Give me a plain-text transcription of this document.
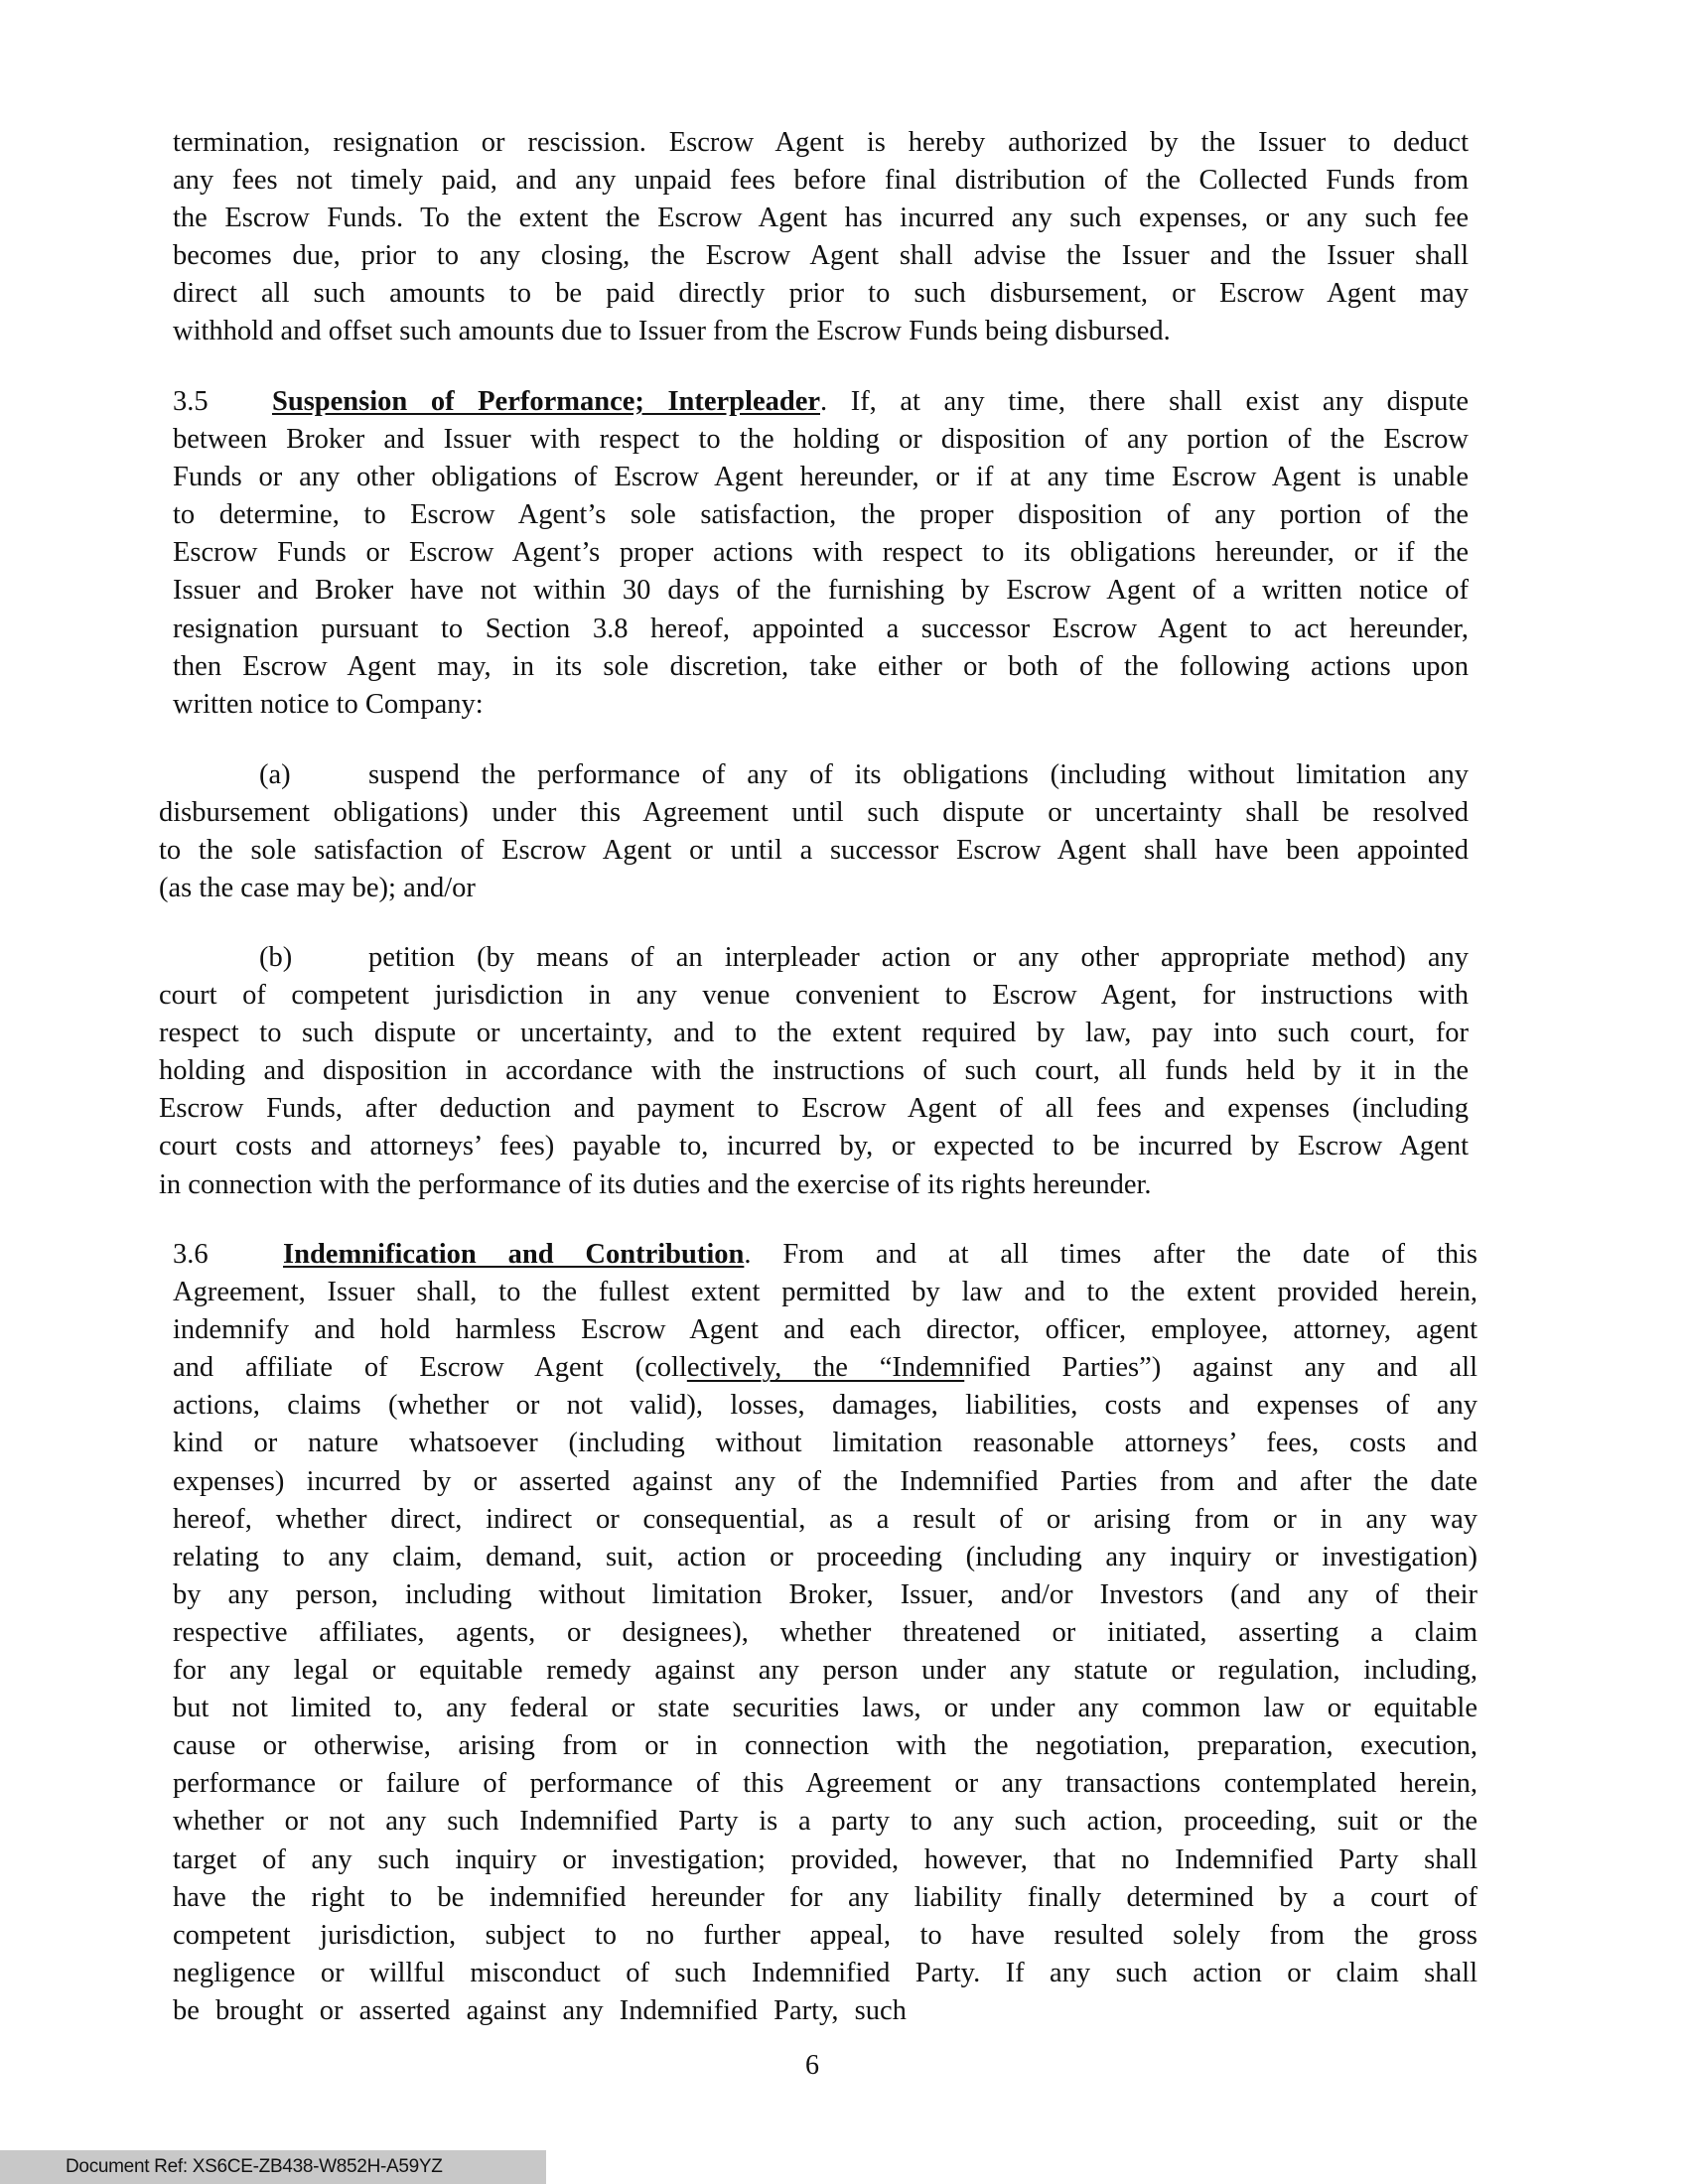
termination, resignation or rescission. Escrow Agent is hereby authorized by the Issuer to deduct
any fees not timely paid, and any unpaid fees before final distribution of the Collected Funds from
the Escrow Funds. To the extent the Escrow Agent has incurred any such expenses, or any such fee
becomes due, prior to any closing, the Escrow Agent shall advise the Issuer and the Issuer shall
direct all such amounts to be paid directly prior to such disbursement, or Escrow Agent may
withhold and offset such amounts due to Issuer from the Escrow Funds being disbursed.
3.5	Suspension of Performance; Interpleader. If, at any time, there shall exist any dispute
between Broker and Issuer with respect to the holding or disposition of any portion of the Escrow
Funds or any other obligations of Escrow Agent hereunder, or if at any time Escrow Agent is unable
to determine, to Escrow Agent’s sole satisfaction, the proper disposition of any portion of the
Escrow Funds or Escrow Agent’s proper actions with respect to its obligations hereunder, or if the
Issuer and Broker have not within 30 days of the furnishing by Escrow Agent of a written notice of
resignation pursuant to Section 3.8 hereof, appointed a successor Escrow Agent to act hereunder,
then Escrow Agent may, in its sole discretion, take either or both of the following actions upon
written notice to Company:
(a)	suspend the performance of any of its obligations (including without limitation any
disbursement obligations) under this Agreement until such dispute or uncertainty shall be resolved
to the sole satisfaction of Escrow Agent or until a successor Escrow Agent shall have been appointed
(as the case may be); and/or
(b)	petition (by means of an interpleader action or any other appropriate method) any
court of competent jurisdiction in any venue convenient to Escrow Agent, for instructions with
respect to such dispute or uncertainty, and to the extent required by law, pay into such court, for
holding and disposition in accordance with the instructions of such court, all funds held by it in the
Escrow Funds, after deduction and payment to Escrow Agent of all fees and expenses (including
court costs and attorneys’ fees) payable to, incurred by, or expected to be incurred by Escrow Agent
in connection with the performance of its duties and the exercise of its rights hereunder.
3.6	Indemnification and Contribution. From and at all times after the date of this
Agreement, Issuer shall, to the fullest extent permitted by law and to the extent provided herein,
indemnify and hold harmless Escrow Agent and each director, officer, employee, attorney, agent
and affiliate of Escrow Agent (collectively, the “Indemnified Parties”) against any and all
actions, claims (whether or not valid), losses, damages, liabilities, costs and expenses of any
kind or nature whatsoever (including without limitation reasonable attorneys’ fees, costs and
expenses) incurred by or asserted against any of the Indemnified Parties from and after the date
hereof, whether direct, indirect or consequential, as a result of or arising from or in any way
relating to any claim, demand, suit, action or proceeding (including any inquiry or investigation)
by any person, including without limitation Broker, Issuer, and/or Investors (and any of their
respective affiliates, agents, or designees), whether threatened or initiated, asserting a claim
for any legal or equitable remedy against any person under any statute or regulation, including,
but not limited to, any federal or state securities laws, or under any common law or equitable
cause or otherwise, arising from or in connection with the negotiation, preparation, execution,
performance or failure of performance of this Agreement or any transactions contemplated herein,
whether or not any such Indemnified Party is a party to any such action, proceeding, suit or the
target of any such inquiry or investigation; provided, however, that no Indemnified Party shall
have the right to be indemnified hereunder for any liability finally determined by a court of
competent jurisdiction, subject to no further appeal, to have resulted solely from the gross
negligence or willful misconduct of such Indemnified Party. If any such action or claim shall
be brought or asserted against any Indemnified Party, such
6
Document Ref: XS6CE-ZB438-W852H-A59YZ
